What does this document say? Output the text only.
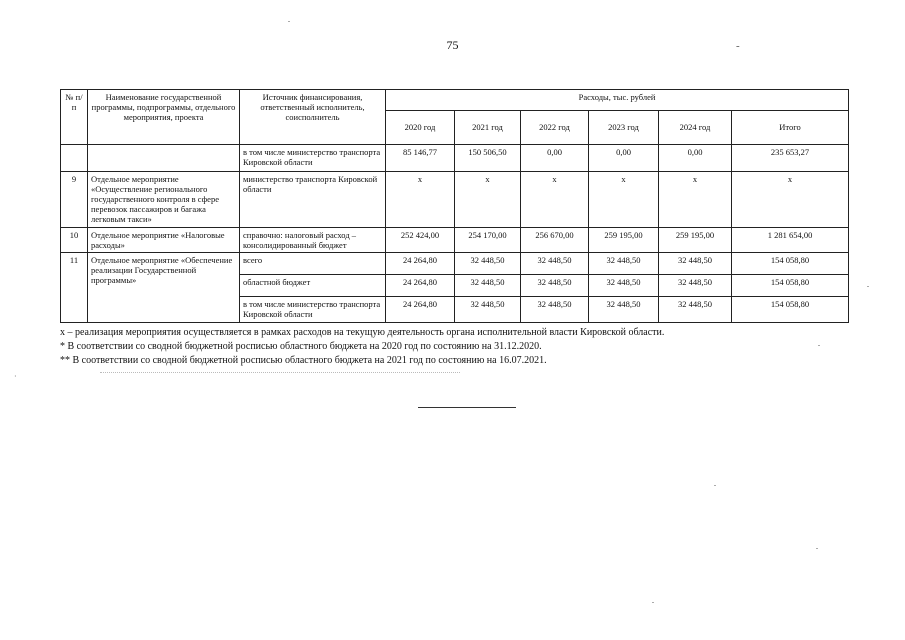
75	-
№ п/п	Наименование государственной программы, подпрограммы, отдельного мероприятия, проекта	Источник финансирования, ответственный исполнитель, соисполнитель	Расходы, тыс. рублей					
			2020 год	2021 год	2022 год	2023 год	2024 год	Итого
		в том числе министерство транспорта Кировской области	85 146,77	150 506,50	0,00	0,00	0,00	235 653,27
9	Отдельное мероприятие «Осуществление регионального государственного контроля в сфере перевозок пассажиров и багажа легковым такси»	министерство транспорта Кировской области	x	x	x	x	x	x
10	Отдельное мероприятие «Налоговые расходы»	справочно: налоговый расход – консолидированный бюджет	252 424,00	254 170,00	256 670,00	259 195,00	259 195,00	1 281 654,00
11	Отдельное мероприятие «Обеспечение реализации Государственной программы»	всего	24 264,80	32 448,50	32 448,50	32 448,50	32 448,50	154 058,80
		областной бюджет	24 264,80	32 448,50	32 448,50	32 448,50	32 448,50	154 058,80
		в том числе министерство транспорта Кировской области	24 264,80	32 448,50	32 448,50	32 448,50	32 448,50	154 058,80
x – реализация мероприятия осуществляется в рамках расходов на текущую деятельность органа исполнительной власти Кировской области.
* В соответствии со сводной бюджетной росписью областного бюджета на 2020 год по состоянию на 31.12.2020.
** В соответствии со сводной бюджетной росписью областного бюджета на 2021 год по состоянию на 16.07.2021.
·
